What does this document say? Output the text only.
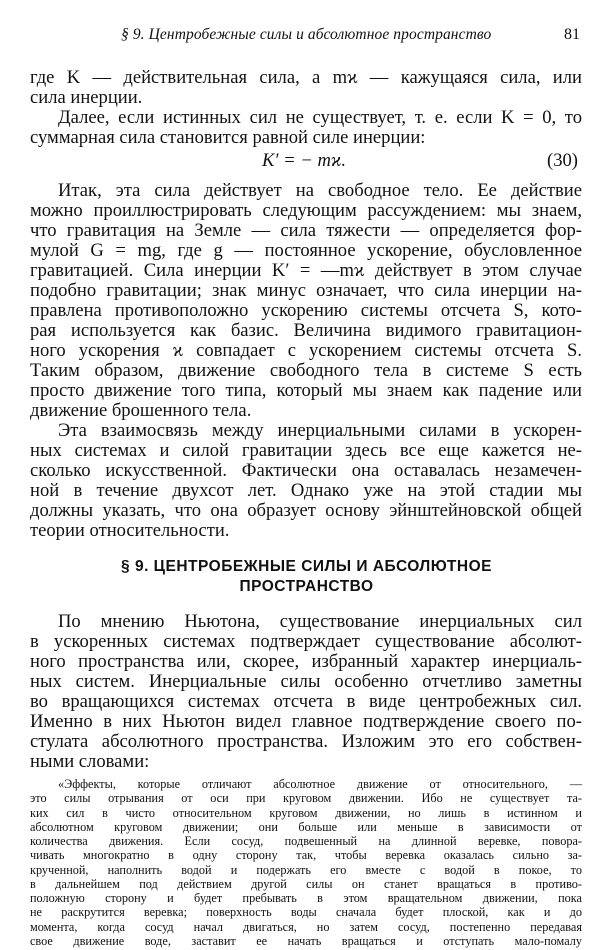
§ 9. Центробежные силы и абсолютное пространство	81
где K — действительная сила, а mϰ — кажущаяся сила, или
сила инерции.
Далее, если истинных сил не существует, т. е. если K = 0, то
суммарная сила становится равной силе инерции:
K′ = − mϰ.	(30)
Итак, эта сила действует на свободное тело. Ее действие
можно проиллюстрировать следующим рассуждением: мы знаем,
что гравитация на Земле — сила тяжести — определяется фор-
мулой G = mg, где g — постоянное ускорение, обусловленное
гравитацией. Сила инерции K′ = —mϰ действует в этом случае
подобно гравитации; знак минус означает, что сила инерции на-
правлена противоположно ускорению системы отсчета S, кото-
рая используется как базис. Величина видимого гравитацион-
ного ускорения ϰ совпадает с ускорением системы отсчета S.
Таким образом, движение свободного тела в системе S есть
просто движение того типа, который мы знаем как падение или
движение брошенного тела.
Эта взаимосвязь между инерциальными силами в ускорен-
ных системах и силой гравитации здесь все еще кажется не-
сколько искусственной. Фактически она оставалась незамечен-
ной в течение двухсот лет. Однако уже на этой стадии мы
должны указать, что она образует основу эйнштейновской общей
теории относительности.
§ 9. ЦЕНТРОБЕЖНЫЕ СИЛЫ И АБСОЛЮТНОЕ
ПРОСТРАНСТВО
По мнению Ньютона, существование инерциальных сил
в ускоренных системах подтверждает существование абсолют-
ного пространства или, скорее, избранный характер инерциаль-
ных систем. Инерциальные силы особенно отчетливо заметны
во вращающихся системах отсчета в виде центробежных сил.
Именно в них Ньютон видел главное подтверждение своего по-
стулата абсолютного пространства. Изложим это его собствен-
ными словами:
«Эффекты, которые отличают абсолютное движение от относительного, —
это силы отрывания от оси при круговом движении. Ибо не существует та-
ких сил в чисто относительном круговом движении, но лишь в истинном и
абсолютном круговом движении; они больше или меньше в зависимости от
количества движения. Если сосуд, подвешенный на длинной веревке, повора-
чивать многократно в одну сторону так, чтобы веревка оказалась сильно за-
крученной, наполнить водой и подержать его вместе с водой в покое, то
в дальнейшем под действием другой силы он станет вращаться в противо-
положную сторону и будет пребывать в этом вращательном движении, пока
не раскрутится веревка; поверхность воды сначала будет плоской, как и до
момента, когда сосуд начал двигаться, но затем сосуд, постепенно передавая
свое движение воде, заставит ее начать вращаться и отступать мало-помалу
